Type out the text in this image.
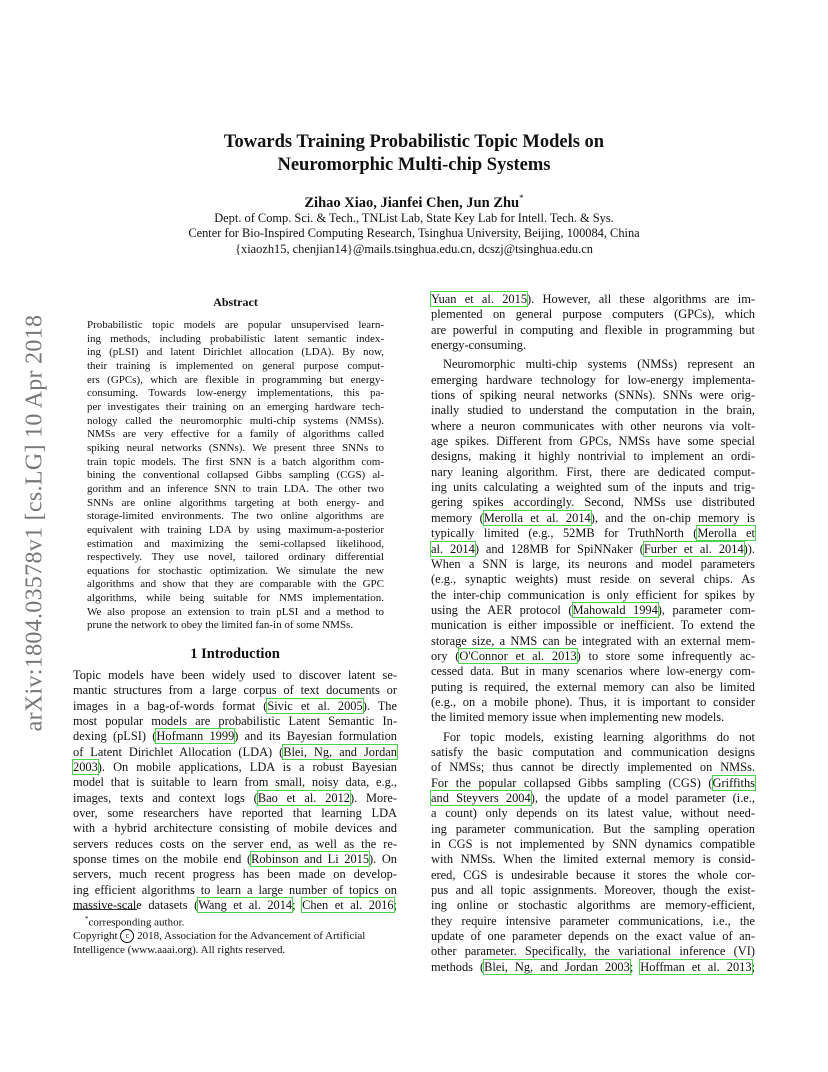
arXiv:1804.03578v1 [cs.LG] 10 Apr 2018
Towards Training Probabilistic Topic Models on
Neuromorphic Multi-chip Systems
Zihao Xiao, Jianfei Chen, Jun Zhu*
Dept. of Comp. Sci. & Tech., TNList Lab, State Key Lab for Intell. Tech. & Sys.
Center for Bio-Inspired Computing Research, Tsinghua University, Beijing, 100084, China
{xiaozh15, chenjian14}@mails.tsinghua.edu.cn, dcszj@tsinghua.edu.cn
Abstract
Probabilistic topic models are popular unsupervised learn-
ing methods, including probabilistic latent semantic index-
ing (pLSI) and latent Dirichlet allocation (LDA). By now,
their training is implemented on general purpose comput-
ers (GPCs), which are flexible in programming but energy-
consuming. Towards low-energy implementations, this pa-
per investigates their training on an emerging hardware tech-
nology called the neuromorphic multi-chip systems (NMSs).
NMSs are very effective for a family of algorithms called
spiking neural networks (SNNs). We present three SNNs to
train topic models. The first SNN is a batch algorithm com-
bining the conventional collapsed Gibbs sampling (CGS) al-
gorithm and an inference SNN to train LDA. The other two
SNNs are online algorithms targeting at both energy- and
storage-limited environments. The two online algorithms are
equivalent with training LDA by using maximum-a-posterior
estimation and maximizing the semi-collapsed likelihood,
respectively. They use novel, tailored ordinary differential
equations for stochastic optimization. We simulate the new
algorithms and show that they are comparable with the GPC
algorithms, while being suitable for NMS implementation.
We also propose an extension to train pLSI and a method to
prune the network to obey the limited fan-in of some NMSs.
1 Introduction
Topic models have been widely used to discover latent se-
mantic structures from a large corpus of text documents or
images in a bag-of-words format (Sivic et al. 2005). The
most popular models are probabilistic Latent Semantic In-
dexing (pLSI) (Hofmann 1999) and its Bayesian formulation
of Latent Dirichlet Allocation (LDA) (Blei, Ng, and Jordan
2003). On mobile applications, LDA is a robust Bayesian
model that is suitable to learn from small, noisy data, e.g.,
images, texts and context logs (Bao et al. 2012). More-
over, some researchers have reported that learning LDA
with a hybrid architecture consisting of mobile devices and
servers reduces costs on the server end, as well as the re-
sponse times on the mobile end (Robinson and Li 2015). On
servers, much recent progress has been made on develop-
ing efficient algorithms to learn a large number of topics on
massive-scale datasets (Wang et al. 2014; Chen et al. 2016;
*corresponding author.
Copyright c 2018, Association for the Advancement of Artificial
Intelligence (www.aaai.org). All rights reserved.
Yuan et al. 2015). However, all these algorithms are im-
plemented on general purpose computers (GPCs), which
are powerful in computing and flexible in programming but
energy-consuming.
Neuromorphic multi-chip systems (NMSs) represent an
emerging hardware technology for low-energy implementa-
tions of spiking neural networks (SNNs). SNNs were orig-
inally studied to understand the computation in the brain,
where a neuron communicates with other neurons via volt-
age spikes. Different from GPCs, NMSs have some special
designs, making it highly nontrivial to implement an ordi-
nary leaning algorithm. First, there are dedicated comput-
ing units calculating a weighted sum of the inputs and trig-
gering spikes accordingly. Second, NMSs use distributed
memory (Merolla et al. 2014), and the on-chip memory is
typically limited (e.g., 52MB for TruthNorth (Merolla et
al. 2014) and 128MB for SpiNNaker (Furber et al. 2014)).
When a SNN is large, its neurons and model parameters
(e.g., synaptic weights) must reside on several chips. As
the inter-chip communication is only efficient for spikes by
using the AER protocol (Mahowald 1994), parameter com-
munication is either impossible or inefficient. To extend the
storage size, a NMS can be integrated with an external mem-
ory (O'Connor et al. 2013) to store some infrequently ac-
cessed data. But in many scenarios where low-energy com-
puting is required, the external memory can also be limited
(e.g., on a mobile phone). Thus, it is important to consider
the limited memory issue when implementing new models.
For topic models, existing learning algorithms do not
satisfy the basic computation and communication designs
of NMSs; thus cannot be directly implemented on NMSs.
For the popular collapsed Gibbs sampling (CGS) (Griffiths
and Steyvers 2004), the update of a model parameter (i.e.,
a count) only depends on its latest value, without need-
ing parameter communication. But the sampling operation
in CGS is not implemented by SNN dynamics compatible
with NMSs. When the limited external memory is consid-
ered, CGS is undesirable because it stores the whole cor-
pus and all topic assignments. Moreover, though the exist-
ing online or stochastic algorithms are memory-efficient,
they require intensive parameter communications, i.e., the
update of one parameter depends on the exact value of an-
other parameter. Specifically, the variational inference (VI)
methods (Blei, Ng, and Jordan 2003; Hoffman et al. 2013;
